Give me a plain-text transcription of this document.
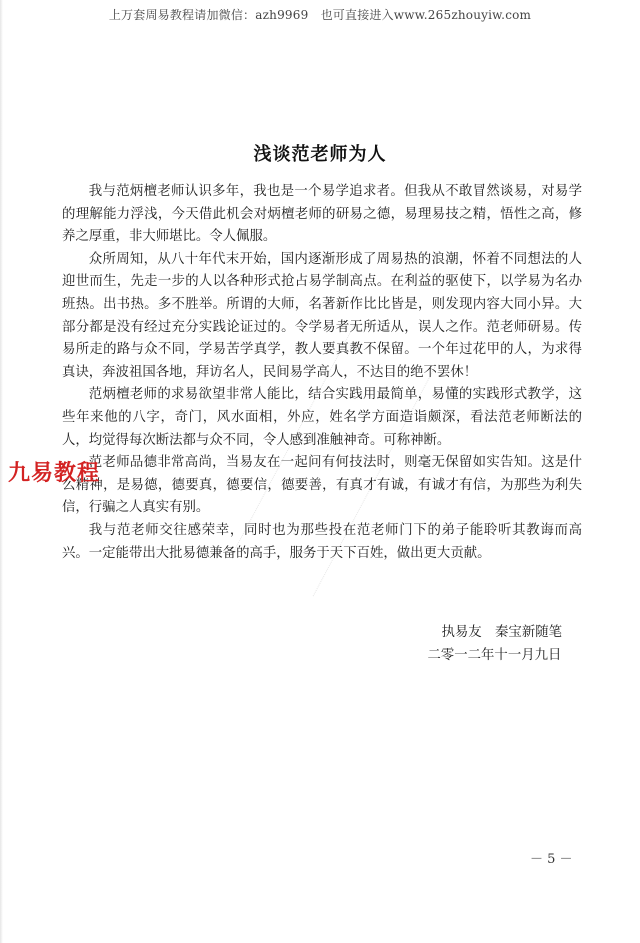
上万套周易教程请加微信：azh9969　也可直接进入www.265zhouyiw.com
九易教程
浅谈范老师为人

我与范炳檀老师认识多年，我也是一个易学追求者。但我从不敢冒然谈易，对易学的理解能力浮浅，今天借此机会对炳檀老师的研易之德，易理易技之精，悟性之高，修养之厚重，非大师堪比。令人佩服。

众所周知，从八十年代末开始，国内逐渐形成了周易热的浪潮，怀着不同想法的人迎世而生，先走一步的人以各种形式抢占易学制高点。在利益的驱使下，以学易为名办班热。出书热。多不胜举。所谓的大师，名著新作比比皆是，则发现内容大同小异。大部分都是没有经过充分实践论证过的。令学易者无所适从，误人之作。范老师研易。传易所走的路与众不同，学易苦学真学，教人要真教不保留。一个年过花甲的人，为求得真诀，奔波祖国各地，拜访名人，民间易学高人，不达目的绝不罢休！

范炳檀老师的求易欲望非常人能比，结合实践用最简单，易懂的实践形式教学，这些年来他的八字，奇门，风水面相，外应，姓名学方面造诣颇深，看法范老师断法的人，均觉得每次断法都与众不同，令人感到准触神奇。可称神断。

范老师品德非常高尚，当易友在一起问有何技法时，则毫无保留如实告知。这是什么精神，是易德，德要真，德要信，德要善，有真才有诚，有诚才有信，为那些为利失信，行骗之人真实有别。

我与范老师交往感荣幸，同时也为那些投在范老师门下的弟子能聆听其教诲而高兴。一定能带出大批易德兼备的高手，服务于天下百姓，做出更大贡献。

执易友　秦宝新随笔
二零一二年十一月九日
－ 5 －
